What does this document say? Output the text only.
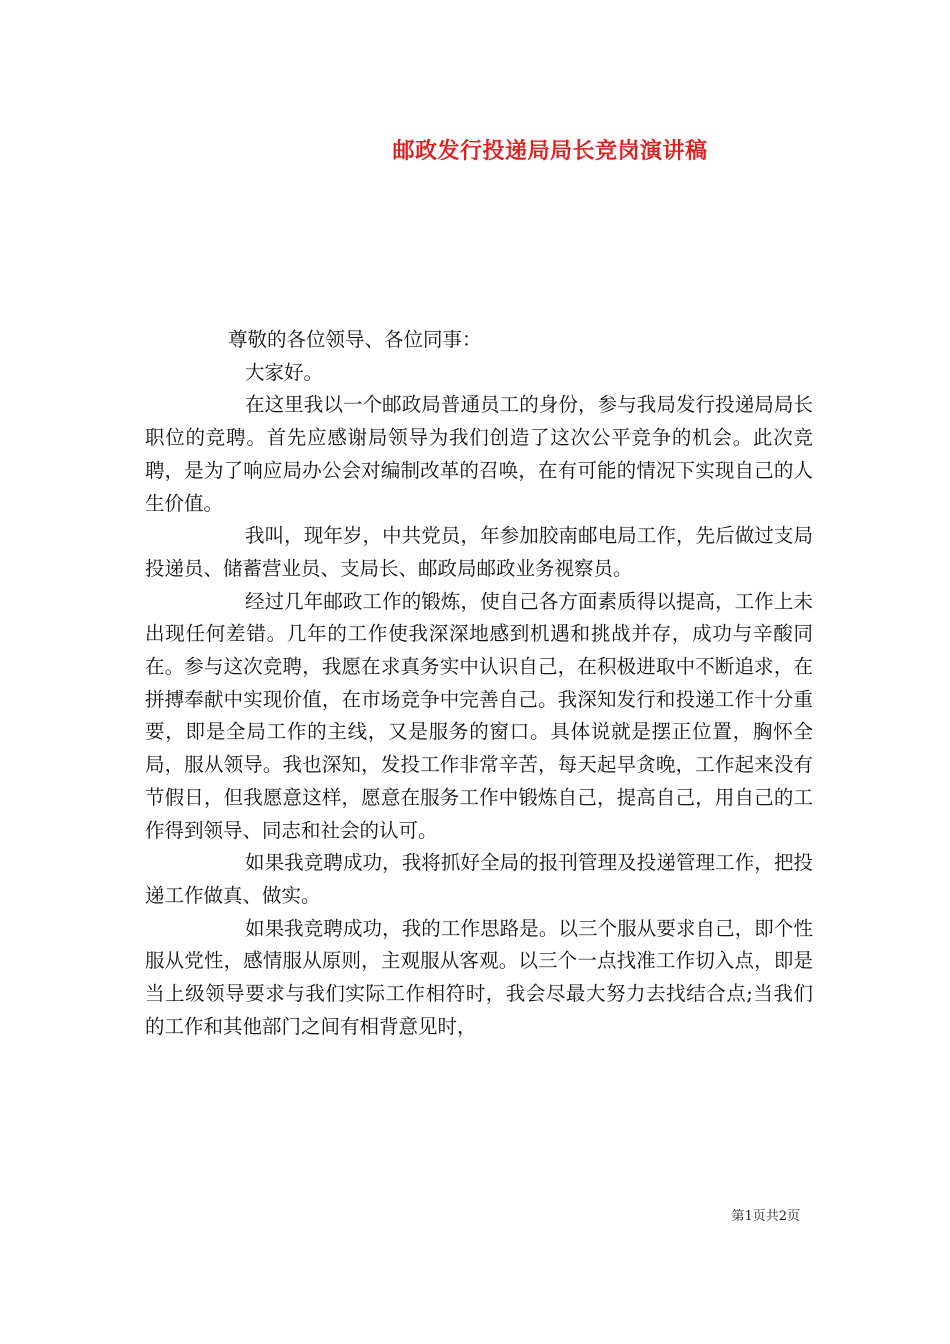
邮政发行投递局局长竞岗演讲稿

尊敬的各位领导、各位同事：

大家好。

在这里我以一个邮政局普通员工的身份，参与我局发行投递局局长职位的竞聘。首先应感谢局领导为我们创造了这次公平竞争的机会。此次竞聘，是为了响应局办公会对编制改革的召唤，在有可能的情况下实现自己的人生价值。

我叫，现年岁，中共党员，年参加胶南邮电局工作，先后做过支局投递员、储蓄营业员、支局长、邮政局邮政业务视察员。

经过几年邮政工作的锻炼，使自己各方面素质得以提高，工作上未出现任何差错。几年的工作使我深深地感到机遇和挑战并存，成功与辛酸同在。参与这次竞聘，我愿在求真务实中认识自己，在积极进取中不断追求，在拼搏奉献中实现价值，在市场竞争中完善自己。我深知发行和投递工作十分重要，即是全局工作的主线，又是服务的窗口。具体说就是摆正位置，胸怀全局，服从领导。我也深知，发投工作非常辛苦，每天起早贪晚，工作起来没有节假日，但我愿意这样，愿意在服务工作中锻炼自己，提高自己，用自己的工作得到领导、同志和社会的认可。

如果我竞聘成功，我将抓好全局的报刊管理及投递管理工作，把投递工作做真、做实。

如果我竞聘成功，我的工作思路是。以三个服从要求自己，即个性服从党性，感情服从原则，主观服从客观。以三个一点找准工作切入点，即是当上级领导要求与我们实际工作相符时，我会尽最大努力去找结合点;当我们的工作和其他部门之间有相背意见时，

第1页共2页
